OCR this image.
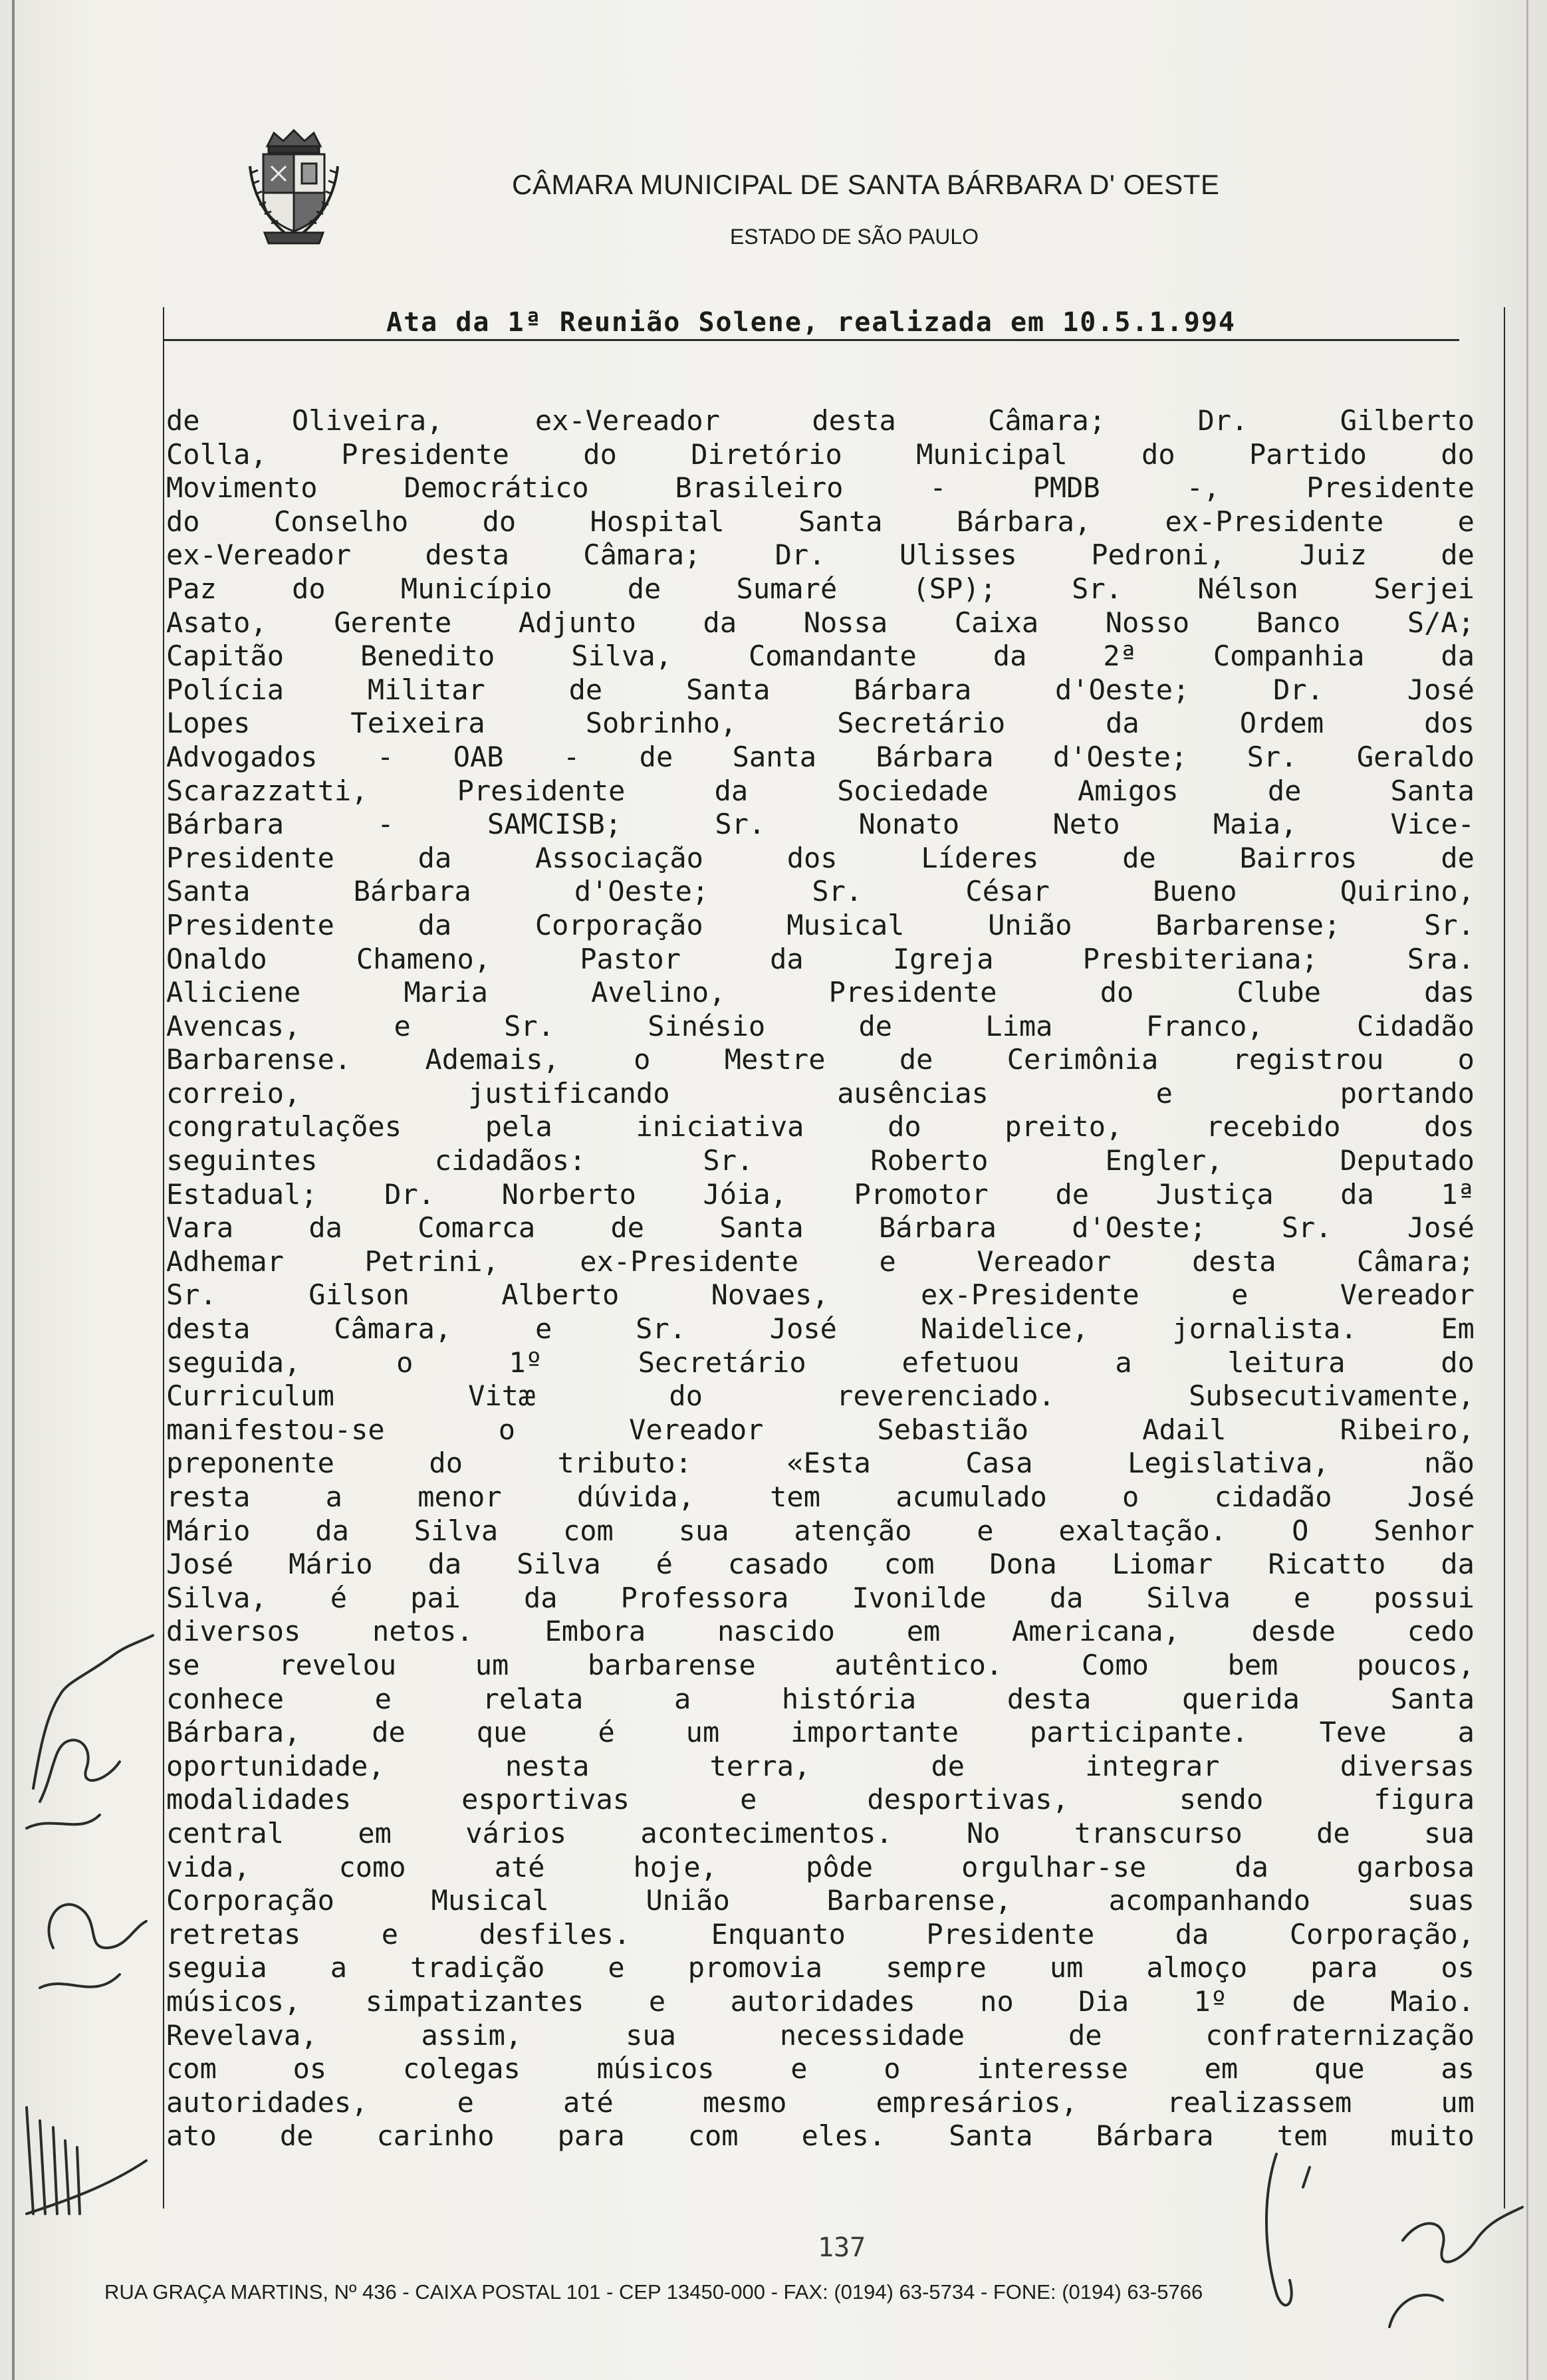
CÂMARA MUNICIPAL DE SANTA BÁRBARA D' OESTE
ESTADO DE SÃO PAULO
Ata da 1ª Reunião Solene, realizada em 10.5.1.994
de	Oliveira,	ex-Vereador	desta	Câmara;	Dr.	Gilberto
Colla,	Presidente	do	Diretório	Municipal	do	Partido	do
Movimento	Democrático	Brasileiro	-	PMDB	-,	Presidente
do	Conselho	do	Hospital	Santa	Bárbara,	ex-Presidente	e
ex-Vereador	desta	Câmara;	Dr.	Ulisses	Pedroni,	Juiz	de
Paz	do	Município	de	Sumaré	(SP);	Sr.	Nélson	Serjei
Asato, Gerente Adjunto da Nossa Caixa Nosso Banco S/A;
Capitão	Benedito	Silva,	Comandante	da	2ª	Companhia	da
Polícia	Militar	de	Santa	Bárbara	d'Oeste;	Dr.	José
Lopes	Teixeira	Sobrinho,	Secretário	da	Ordem	dos
Advogados - OAB - de Santa Bárbara d'Oeste; Sr. Geraldo
Scarazzatti,	Presidente	da	Sociedade	Amigos	de	Santa
Bárbara	-	SAMCISB;	Sr.	Nonato	Neto	Maia,	Vice-
Presidente	da	Associação	dos	Líderes	de	Bairros	de
Santa	Bárbara	d'Oeste;	Sr.	César	Bueno	Quirino,
Presidente	da	Corporação	Musical	União	Barbarense;	Sr.
Onaldo	Chameno,	Pastor	da	Igreja	Presbiteriana;	Sra.
Aliciene	Maria	Avelino,	Presidente	do	Clube	das
Avencas,	e	Sr.	Sinésio	de	Lima	Franco,	Cidadão
Barbarense.	Ademais,	o	Mestre	de	Cerimônia	registrou	o
correio,	justificando	ausências	e	portando
congratulações	pela	iniciativa	do	preito,	recebido	dos
seguintes	cidadãos:	Sr.	Roberto	Engler,	Deputado
Estadual; Dr. Norberto Jóia, Promotor de Justiça da 1ª
Vara	da	Comarca	de	Santa	Bárbara	d'Oeste;	Sr.	José
Adhemar	Petrini,	ex-Presidente	e	Vereador	desta	Câmara;
Sr.	Gilson	Alberto	Novaes,	ex-Presidente	e	Vereador
desta	Câmara,	e	Sr.	José	Naidelice,	jornalista.	Em
seguida,	o	1º	Secretário	efetuou	a	leitura	do
Curriculum	Vitæ	do	reverenciado.	Subsecutivamente,
manifestou-se	o	Vereador	Sebastião	Adail	Ribeiro,
preponente	do	tributo:	«Esta	Casa	Legislativa,	não
resta	a	menor	dúvida,	tem	acumulado	o	cidadão	José
Mário da Silva com sua atenção e exaltação. O Senhor
José Mário da Silva é casado com Dona Liomar Ricatto da
Silva, é pai da Professora Ivonilde da Silva e possui
diversos	netos.	Embora	nascido	em	Americana,	desde	cedo
se	revelou	um	barbarense	autêntico.	Como	bem	poucos,
conhece	e	relata	a	história	desta	querida	Santa
Bárbara,	de	que	é	um	importante	participante.	Teve	a
oportunidade,	nesta	terra,	de	integrar	diversas
modalidades	esportivas	e	desportivas,	sendo	figura
central	em	vários	acontecimentos.	No	transcurso	de	sua
vida,	como	até	hoje,	pôde	orgulhar-se	da	garbosa
Corporação	Musical	União	Barbarense,	acompanhando	suas
retretas	e	desfiles.	Enquanto	Presidente	da	Corporação,
seguia a tradição e promovia sempre um almoço para os
músicos, simpatizantes e autoridades no Dia 1º de Maio.
Revelava,	assim,	sua	necessidade	de	confraternização
com	os	colegas	músicos	e	o	interesse	em	que	as
autoridades,	e	até	mesmo	empresários,	realizassem	um
ato de carinho para com eles. Santa Bárbara tem muito
137
RUA GRAÇA MARTINS, Nº 436 - CAIXA POSTAL 101 - CEP 13450-000 - FAX: (0194) 63-5734 - FONE: (0194) 63-5766
